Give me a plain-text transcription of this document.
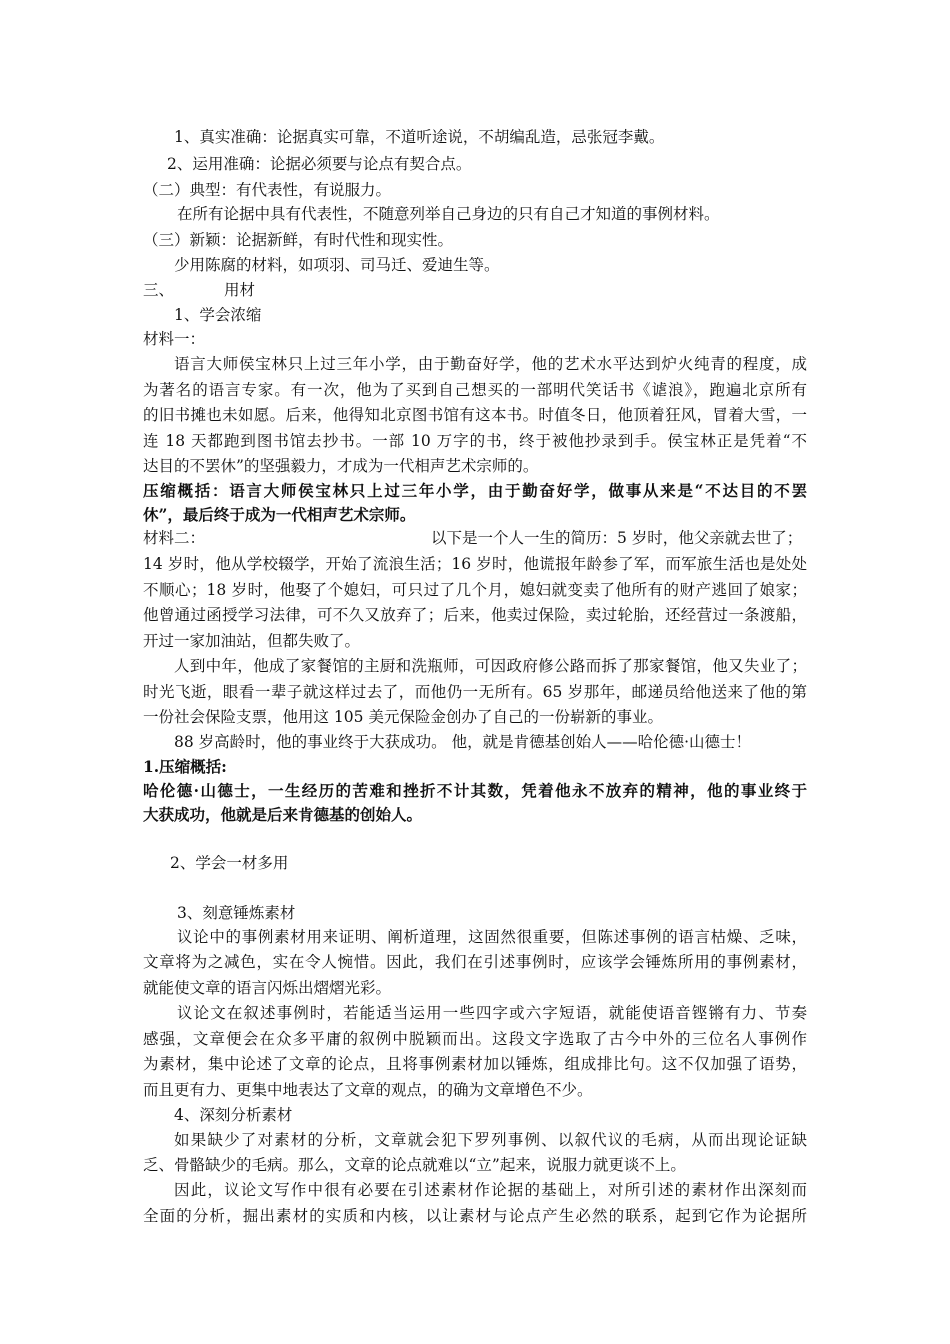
1、真实准确：论据真实可靠，不道听途说，不胡编乱造，忌张冠李戴。
2、运用准确：论据必须要与论点有契合点。
（二）典型：有代表性，有说服力。
在所有论据中具有代表性，不随意列举自己身边的只有自己才知道的事例材料。
（三）新颖：论据新鲜，有时代性和现实性。
少用陈腐的材料，如项羽、司马迁、爱迪生等。
三、	用材
1、学会浓缩
材料一：
语言大师侯宝林只上过三年小学，由于勤奋好学，他的艺术水平达到炉火纯青的程度，成
为著名的语言专家。有一次，他为了买到自己想买的一部明代笑话书《谑浪》，跑遍北京所有
的旧书摊也未如愿。后来，他得知北京图书馆有这本书。时值冬日，他顶着狂风，冒着大雪，一
连 18 天都跑到图书馆去抄书。一部 10 万字的书，终于被他抄录到手。侯宝林正是凭着“不
达目的不罢休”的坚强毅力，才成为一代相声艺术宗师的。
压缩概括：语言大师侯宝林只上过三年小学，由于勤奋好学，做事从来是“不达目的不罢
休”，最后终于成为一代相声艺术宗师。
材料二：	以下是一个人一生的简历：5 岁时，他父亲就去世了；
14 岁时，他从学校辍学，开始了流浪生活；16 岁时，他谎报年龄参了军，而军旅生活也是处处
不顺心；18 岁时，他娶了个媳妇，可只过了几个月，媳妇就变卖了他所有的财产逃回了娘家；
他曾通过函授学习法律，可不久又放弃了；后来，他卖过保险，卖过轮胎，还经营过一条渡船，
开过一家加油站，但都失败了。
人到中年，他成了家餐馆的主厨和洗瓶师，可因政府修公路而拆了那家餐馆，他又失业了；
时光飞逝，眼看一辈子就这样过去了，而他仍一无所有。65 岁那年，邮递员给他送来了他的第
一份社会保险支票，他用这 105 美元保险金创办了自己的一份崭新的事业。
88 岁高龄时，他的事业终于大获成功。 他，就是肯德基创始人——哈伦德·山德士！
1.压缩概括:
哈伦德·山德士，一生经历的苦难和挫折不计其数，凭着他永不放弃的精神，他的事业终于
大获成功，他就是后来肯德基的创始人。
2、学会一材多用
3、刻意锤炼素材
议论中的事例素材用来证明、阐析道理，这固然很重要，但陈述事例的语言枯燥、乏味，
文章将为之减色，实在令人惋惜。因此，我们在引述事例时，应该学会锤炼所用的事例素材，
就能使文章的语言闪烁出熠熠光彩。
议论文在叙述事例时，若能适当运用一些四字或六字短语，就能使语音铿锵有力、节奏
感强，文章便会在众多平庸的叙例中脱颖而出。这段文字选取了古今中外的三位名人事例作
为素材，集中论述了文章的论点，且将事例素材加以锤炼，组成排比句。这不仅加强了语势，
而且更有力、更集中地表达了文章的观点，的确为文章增色不少。
4、深刻分析素材
如果缺少了对素材的分析，文章就会犯下罗列事例、以叙代议的毛病，从而出现论证缺
乏、骨骼缺少的毛病。那么，文章的论点就难以“立”起来，说服力就更谈不上。
因此，议论文写作中很有必要在引述素材作论据的基础上，对所引述的素材作出深刻而
全面的分析，掘出素材的实质和内核，以让素材与论点产生必然的联系，起到它作为论据所
